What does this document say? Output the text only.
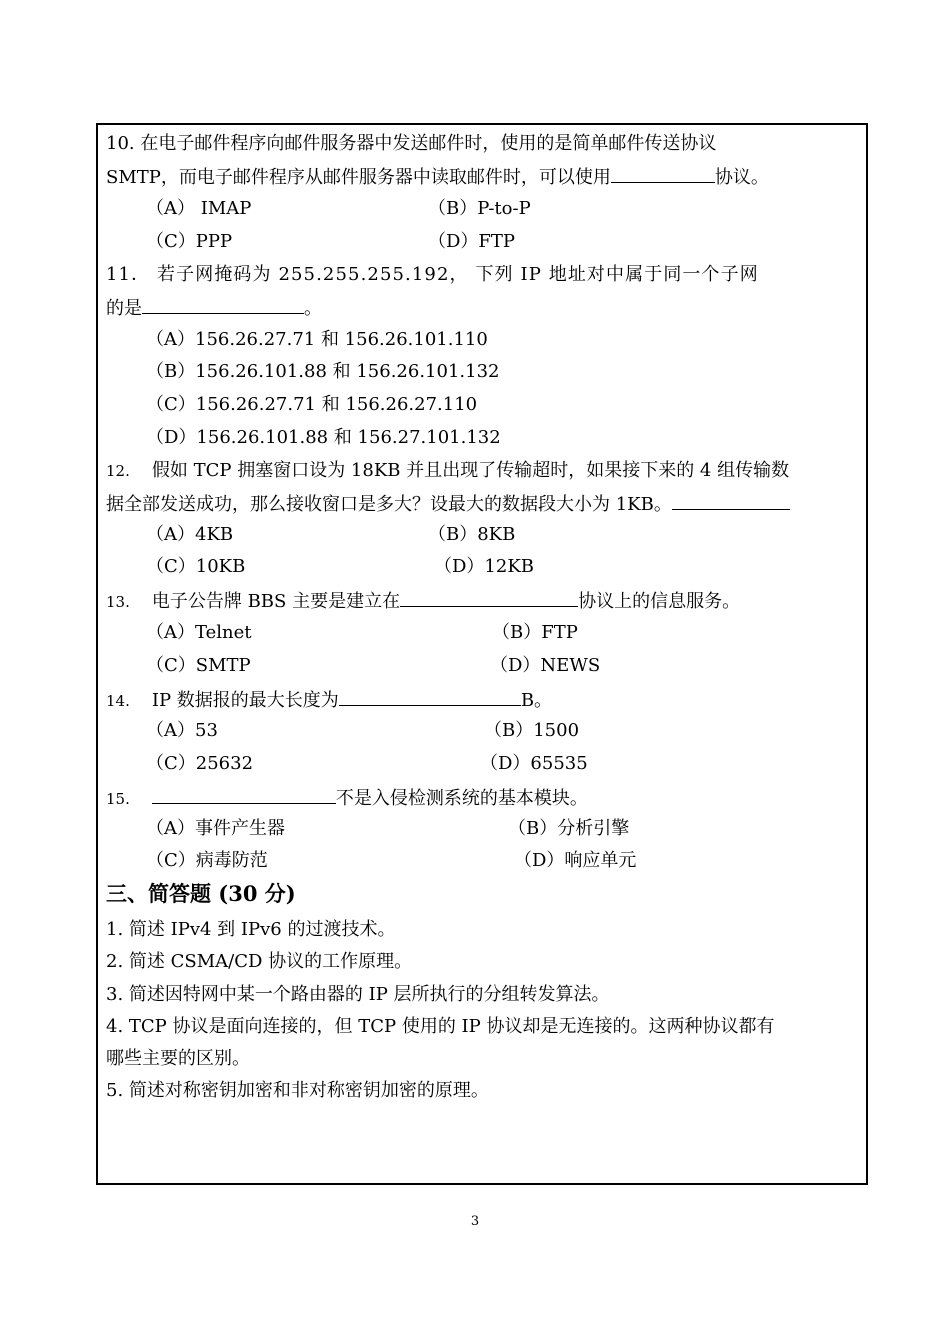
10. 在电子邮件程序向邮件服务器中发送邮件时，使用的是简单邮件传送协议
SMTP，而电子邮件程序从邮件服务器中读取邮件时，可以使用	协议。
（A） IMAP	（B）P-to-P
（C）PPP	（D）FTP
11． 若子网掩码为 255.255.255.192， 下列 IP 地址对中属于同一个子网
的是	。
（A）156.26.27.71 和 156.26.101.110
（B）156.26.101.88 和 156.26.101.132
（C）156.26.27.71 和 156.26.27.110
（D）156.26.101.88 和 156.27.101.132
12. 假如 TCP 拥塞窗口设为 18KB 并且出现了传输超时，如果接下来的 4 组传输数
据全部发送成功，那么接收窗口是多大？设最大的数据段大小为 1KB。
（A）4KB	（B）8KB
（C）10KB	（D）12KB
13. 电子公告牌 BBS 主要是建立在	协议上的信息服务。
（A）Telnet	（B）FTP
（C）SMTP	（D）NEWS
14. IP 数据报的最大长度为	B。
（A）53	（B）1500
（C）25632	（D）65535
15.	不是入侵检测系统的基本模块。
（A）事件产生器	（B）分析引擎
（C）病毒防范	（D）响应单元
三、简答题 (30 分)
1. 简述 IPv4 到 IPv6 的过渡技术。
2. 简述 CSMA/CD 协议的工作原理。
3. 简述因特网中某一个路由器的 IP 层所执行的分组转发算法。
4. TCP 协议是面向连接的，但 TCP 使用的 IP 协议却是无连接的。这两种协议都有
哪些主要的区别。
5. 简述对称密钥加密和非对称密钥加密的原理。
3
